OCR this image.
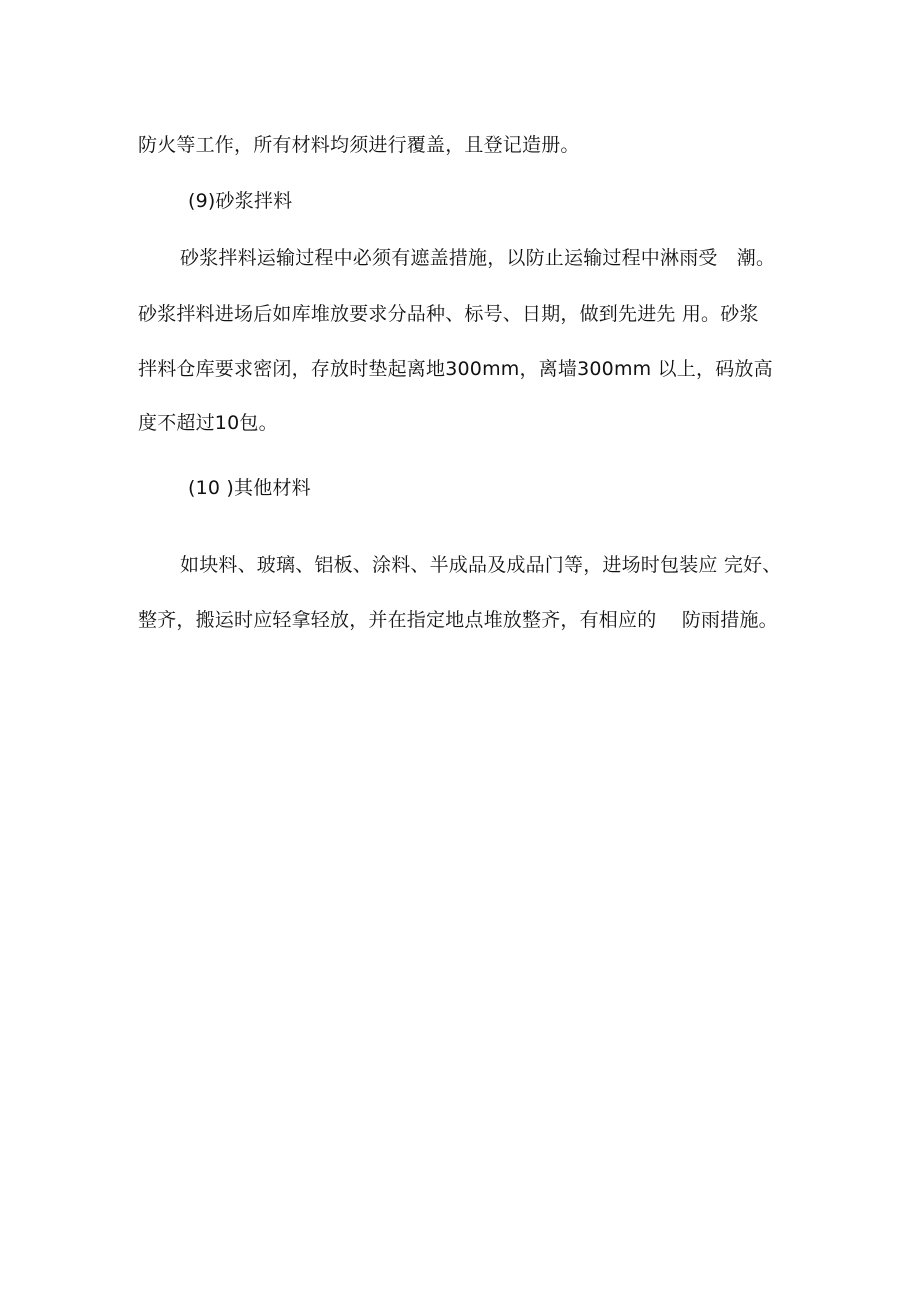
防火等工作，所有材料均须进行覆盖，且登记造册。
(9)砂浆拌料
砂浆拌料运输过程中必须有遮盖措施，以防止运输过程中淋雨受　潮。
砂浆拌料进场后如库堆放要求分品种、标号、日期，做到先进先 用。砂浆
拌料仓库要求密闭，存放时垫起离地300mm，离墙300mm 以上，码放高
度不超过10包。
(10 )其他材料
如块料、玻璃、铝板、涂料、半成品及成品门等，进场时包装应 完好、
整齐，搬运时应轻拿轻放，并在指定地点堆放整齐，有相应的　 防雨措施。
